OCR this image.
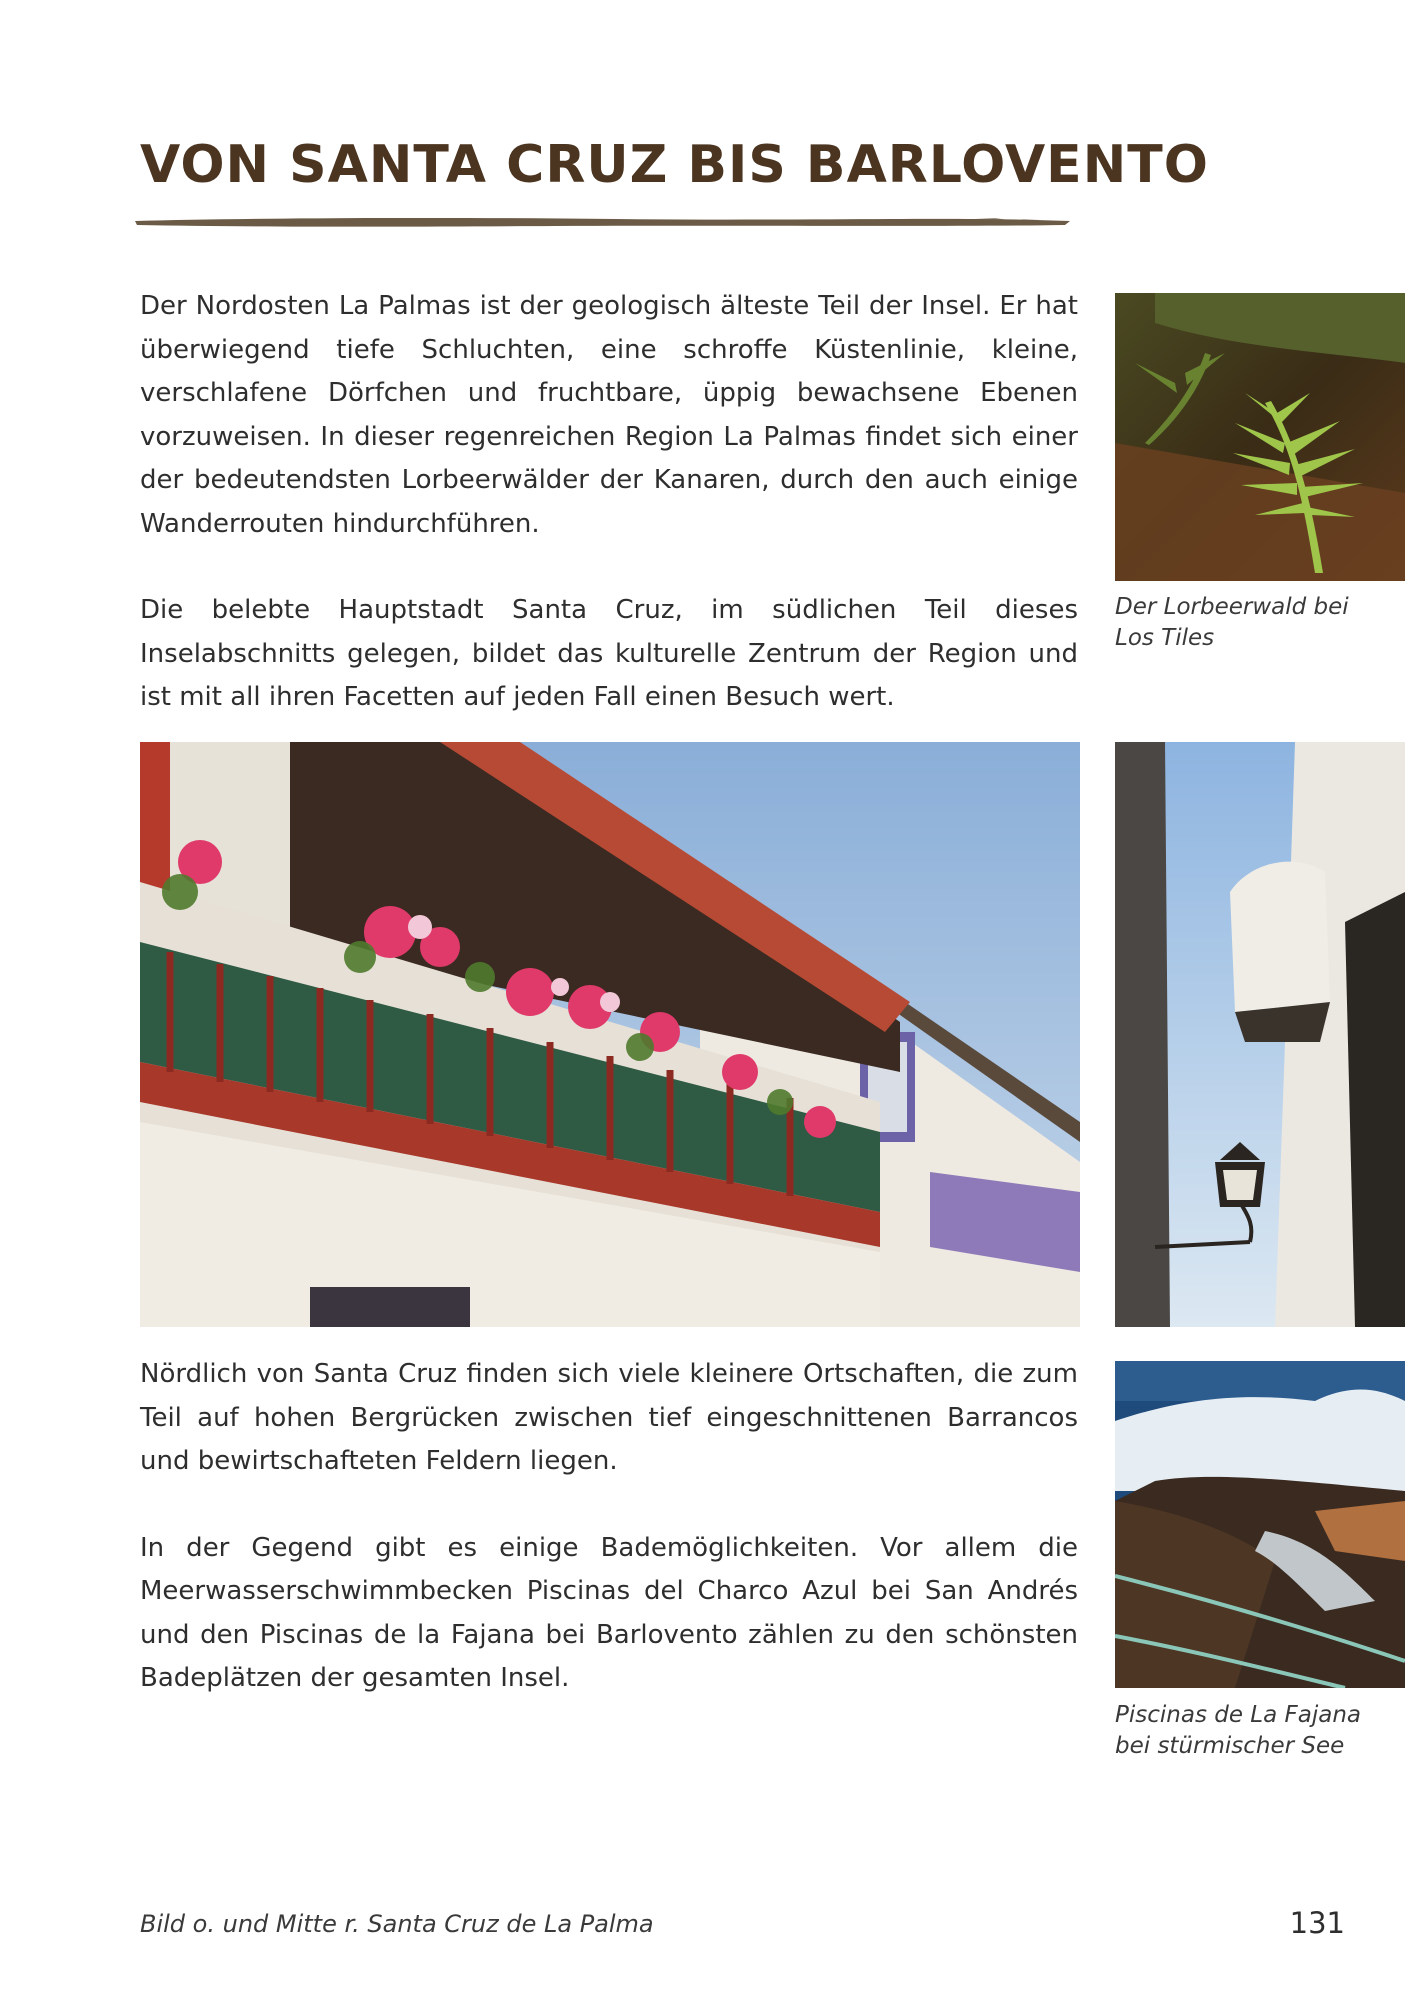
VON SANTA CRUZ BIS BARLOVENTO

Der Nordosten La Palmas ist der geologisch älteste Teil der Insel. Er hat überwiegend tiefe Schluchten, eine schroffe Küstenlinie, kleine, verschlafene Dörfchen und fruchtbare, üppig bewachsene Ebenen vorzuweisen. In dieser regenreichen Region La Palmas findet sich einer der bedeutendsten Lorbeerwälder der Kanaren, durch den auch einige Wanderrouten hindurchführen.

Die belebte Hauptstadt Santa Cruz, im südlichen Teil dieses Inselabschnitts gelegen, bildet das kulturelle Zentrum der Region und ist mit all ihren Facetten auf jeden Fall einen Besuch wert.

Der Lorbeerwald bei
Los Tiles

Nördlich von Santa Cruz finden sich viele kleinere Ortschaften, die zum Teil auf hohen Bergrücken zwischen tief eingeschnittenen Barrancos und bewirtschafteten Feldern liegen.

In der Gegend gibt es einige Bademöglichkeiten. Vor allem die Meerwasserschwimmbecken Piscinas del Charco Azul bei San Andrés und den Piscinas de la Fajana bei Barlovento zählen zu den schönsten Badeplätzen der gesamten Insel.

Piscinas de La Fajana
bei stürmischer See

Bild o. und Mitte r. Santa Cruz de La Palma	131
